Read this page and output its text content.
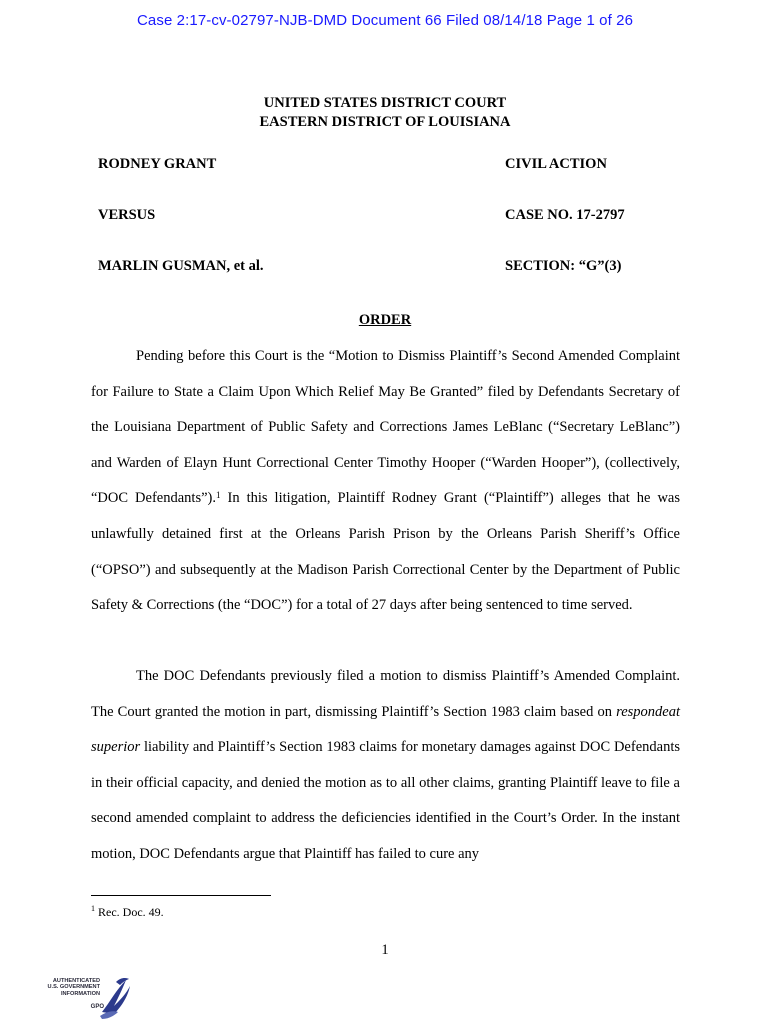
Case 2:17-cv-02797-NJB-DMD Document 66 Filed 08/14/18 Page 1 of 26
UNITED STATES DISTRICT COURT
EASTERN DISTRICT OF LOUISIANA
RODNEY GRANT	CIVIL ACTION
VERSUS	CASE NO. 17-2797
MARLIN GUSMAN, et al.	SECTION: “G”(3)
ORDER

Pending before this Court is the “Motion to Dismiss Plaintiff’s Second Amended Complaint for Failure to State a Claim Upon Which Relief May Be Granted” filed by Defendants Secretary of the Louisiana Department of Public Safety and Corrections James LeBlanc (“Secretary LeBlanc”) and Warden of Elayn Hunt Correctional Center Timothy Hooper (“Warden Hooper”), (collectively, “DOC Defendants”).$^1$ In this litigation, Plaintiff Rodney Grant (“Plaintiff”) alleges that he was unlawfully detained first at the Orleans Parish Prison by the Orleans Parish Sheriff’s Office (“OPSO”) and subsequently at the Madison Parish Correctional Center by the Department of Public Safety & Corrections (the “DOC”) for a total of 27 days after being sentenced to time served.

The DOC Defendants previously filed a motion to dismiss Plaintiff’s Amended Complaint. The Court granted the motion in part, dismissing Plaintiff’s Section 1983 claim based on respondeat superior liability and Plaintiff’s Section 1983 claims for monetary damages against DOC Defendants in their official capacity, and denied the motion as to all other claims, granting Plaintiff leave to file a second amended complaint to address the deficiencies identified in the Court’s Order. In the instant motion, DOC Defendants argue that Plaintiff has failed to cure any

$^1$ Rec. Doc. 49.
1
AUTHENTICATED
U.S. GOVERNMENT
INFORMATION
GPO
